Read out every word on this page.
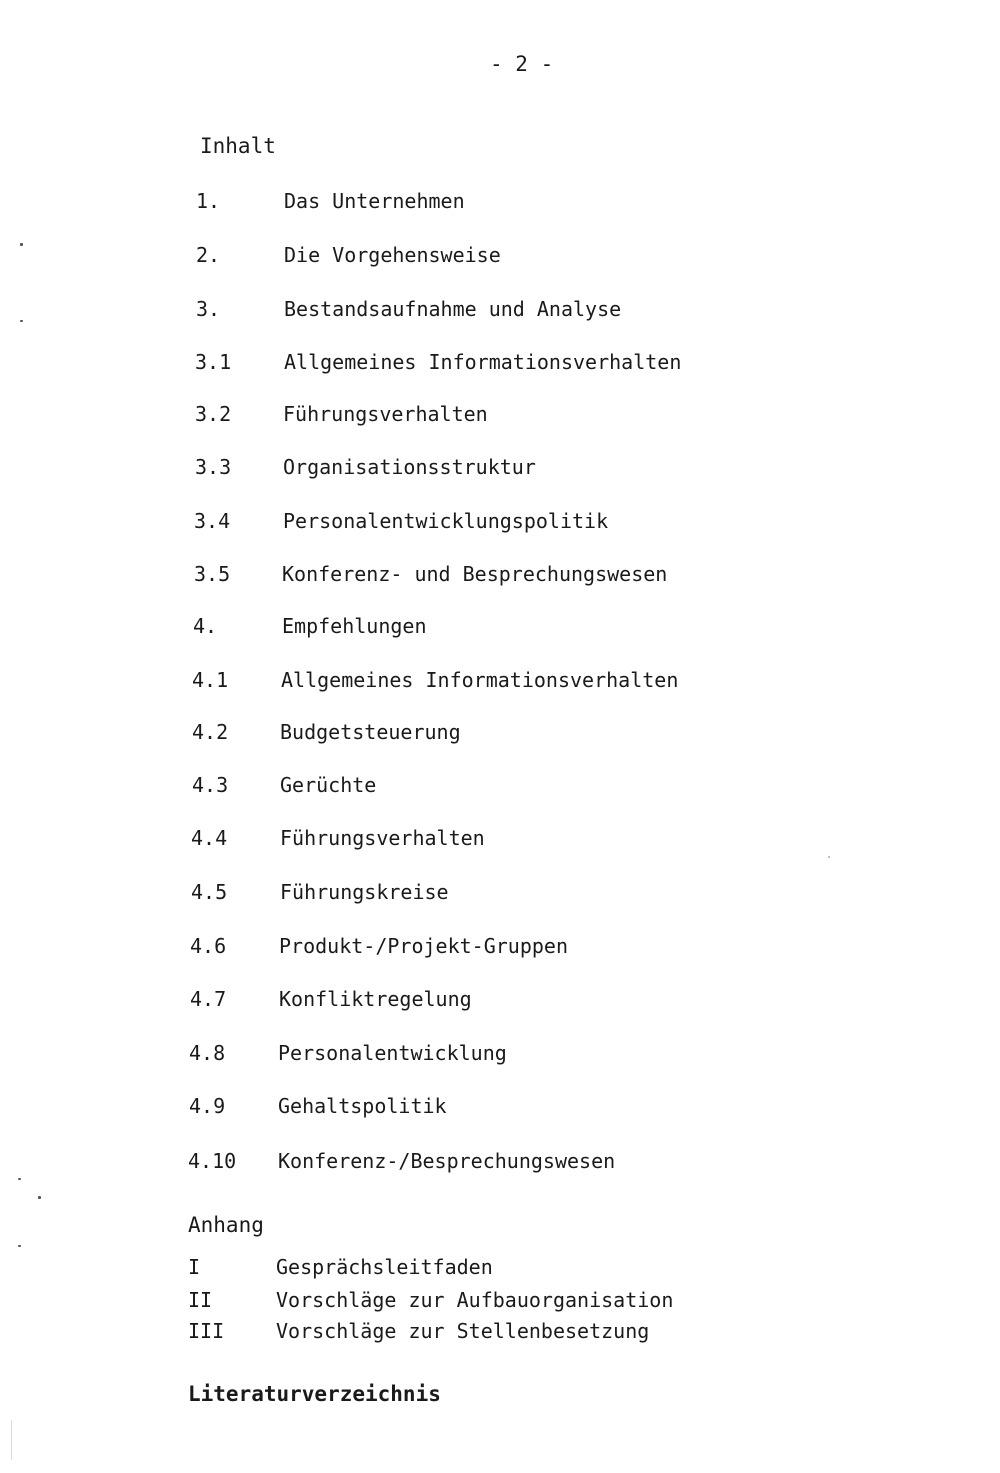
- 2 -
Inhalt
1.	Das Unternehmen
2.	Die Vorgehensweise
3.	Bestandsaufnahme und Analyse
3.1	Allgemeines Informationsverhalten
3.2	Führungsverhalten
3.3	Organisationsstruktur
3.4	Personalentwicklungspolitik
3.5	Konferenz- und Besprechungswesen
4.	Empfehlungen
4.1	Allgemeines Informationsverhalten
4.2	Budgetsteuerung
4.3	Gerüchte
4.4	Führungsverhalten
4.5	Führungskreise
4.6	Produkt-/Projekt-Gruppen
4.7	Konfliktregelung
4.8	Personalentwicklung
4.9	Gehaltspolitik
4.10 Konferenz-/Besprechungswesen
Anhang
I	Gesprächsleitfaden
II	Vorschläge zur Aufbauorganisation
III	Vorschläge zur Stellenbesetzung
Literaturverzeichnis
